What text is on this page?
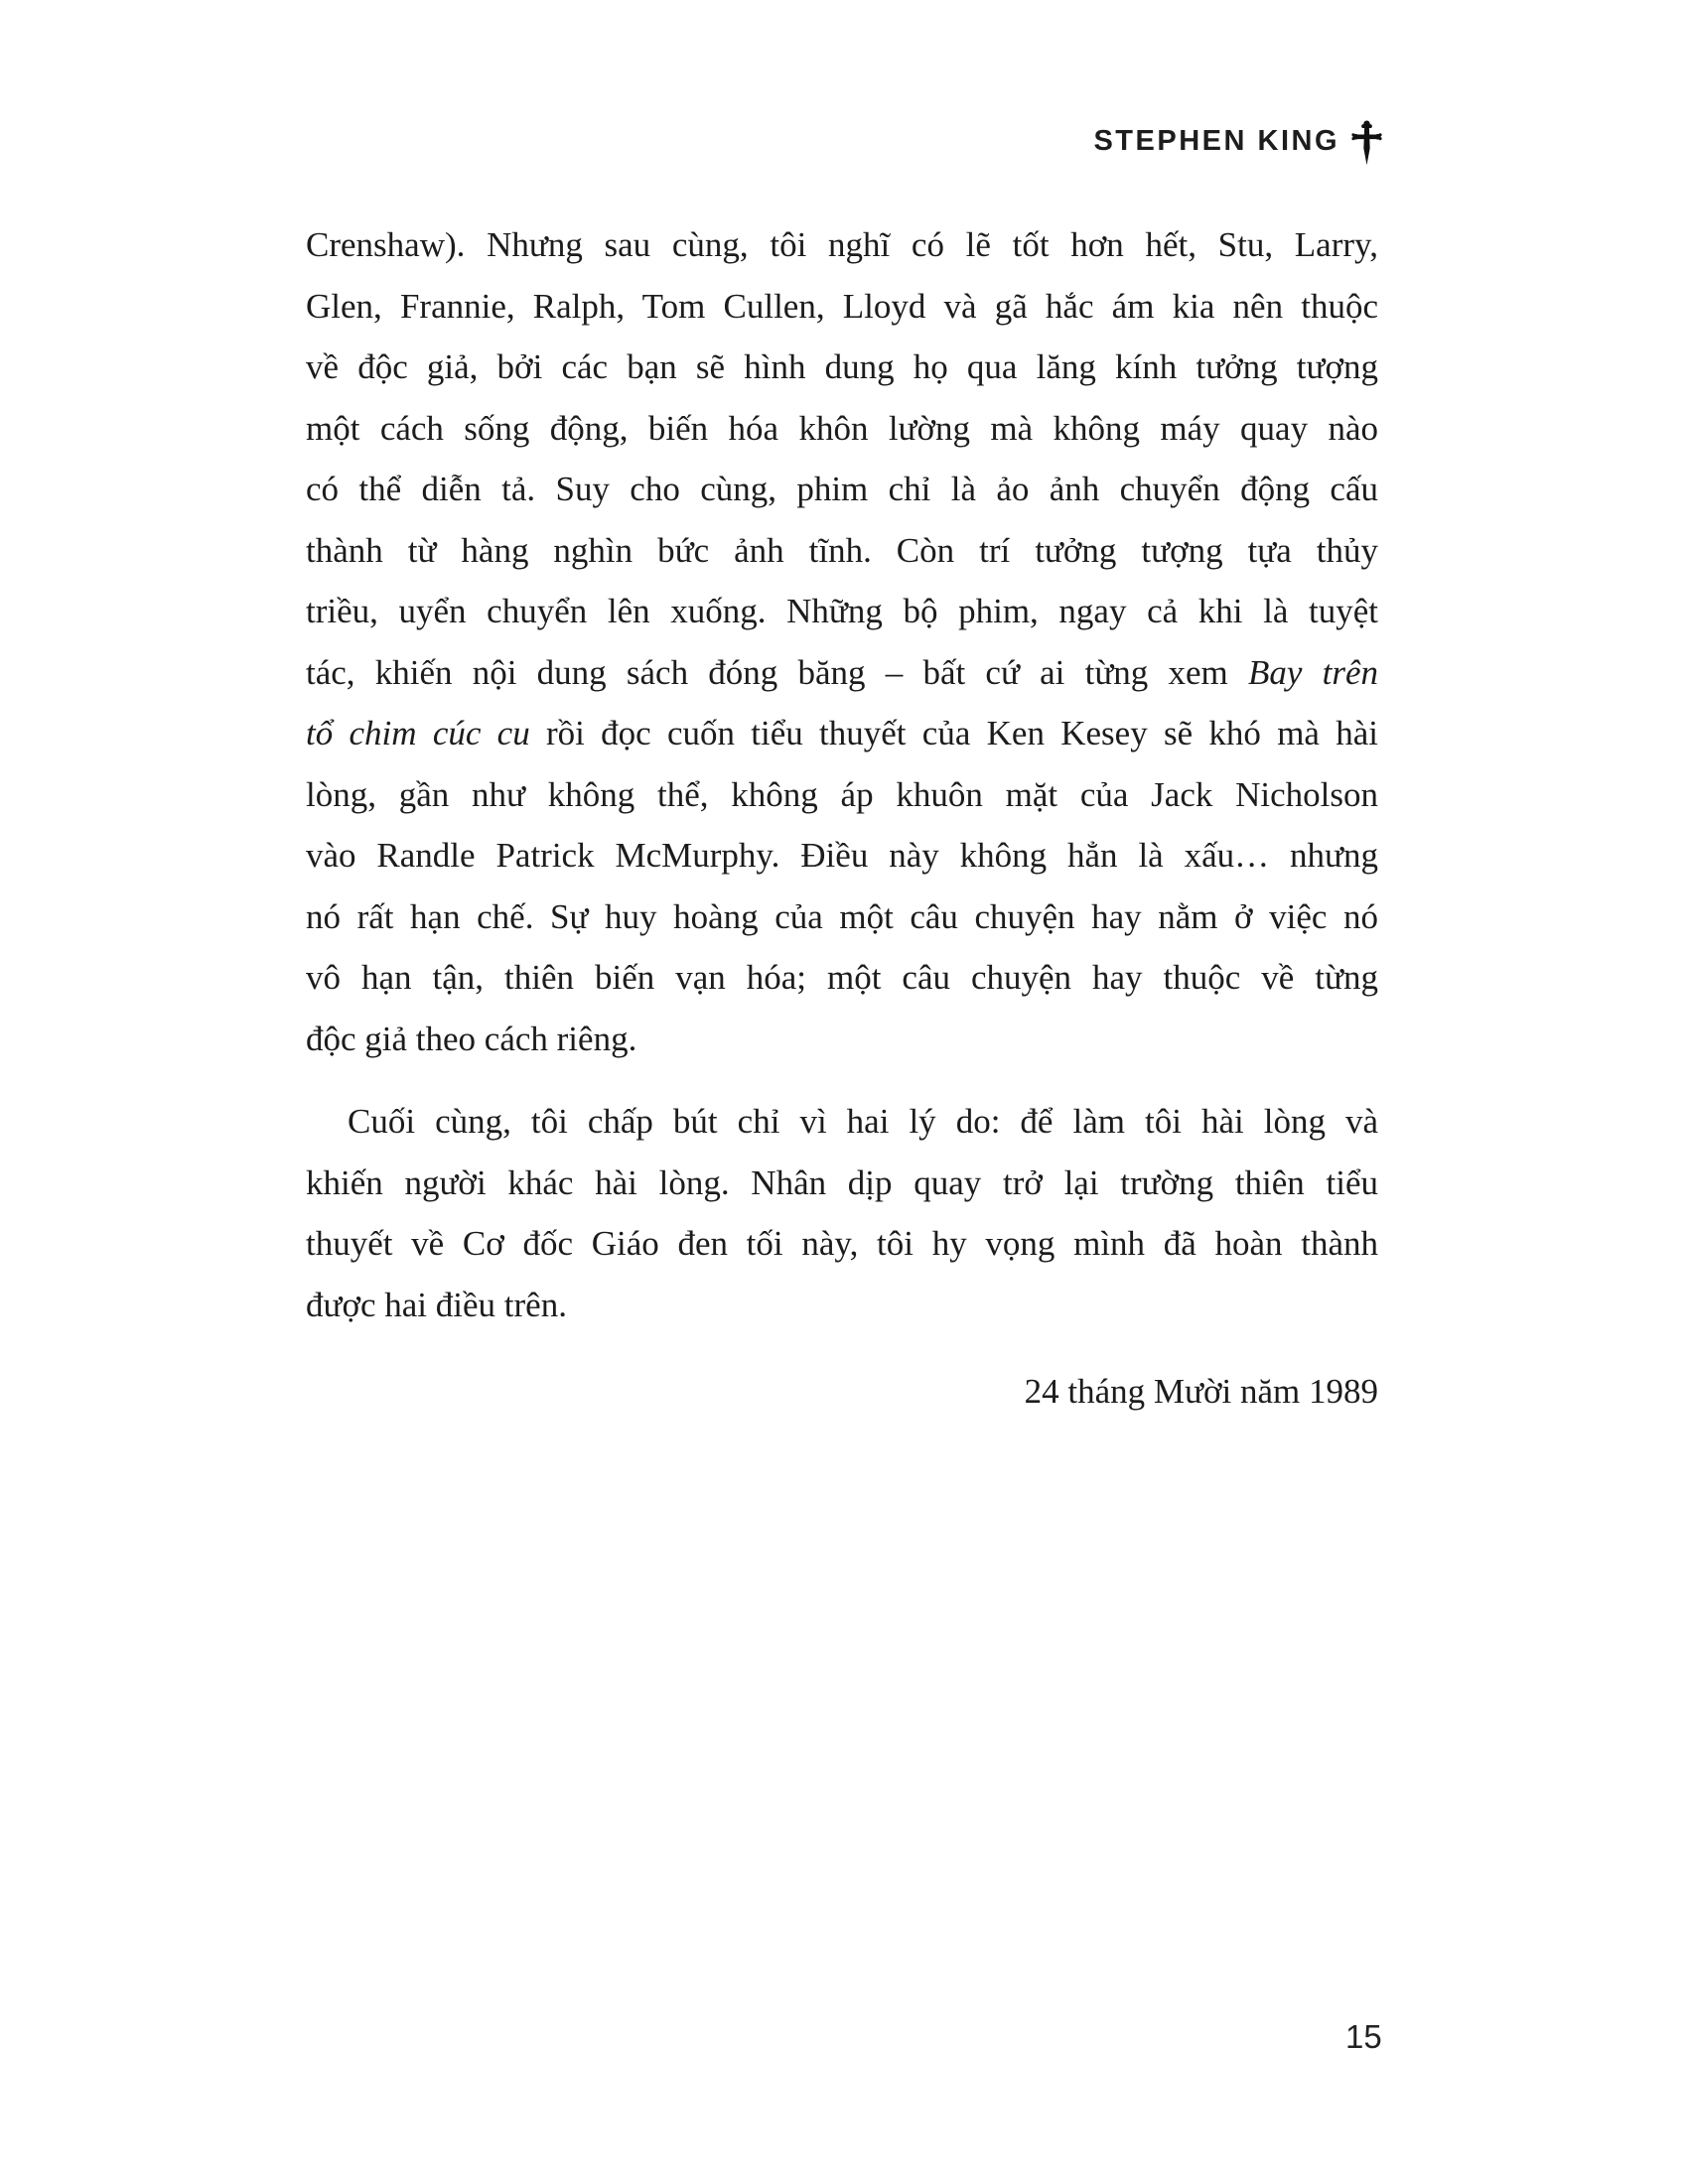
STEPHEN KING
Crenshaw). Nhưng sau cùng, tôi nghĩ có lẽ tốt hơn hết, Stu, Larry,
Glen, Frannie, Ralph, Tom Cullen, Lloyd và gã hắc ám kia nên thuộc
về độc giả, bởi các bạn sẽ hình dung họ qua lăng kính tưởng tượng
một cách sống động, biến hóa khôn lường mà không máy quay nào
có thể diễn tả. Suy cho cùng, phim chỉ là ảo ảnh chuyển động cấu
thành từ hàng nghìn bức ảnh tĩnh. Còn trí tưởng tượng tựa thủy
triều, uyển chuyển lên xuống. Những bộ phim, ngay cả khi là tuyệt
tác, khiến nội dung sách đóng băng – bất cứ ai từng xem Bay trên
tổ chim cúc cu rồi đọc cuốn tiểu thuyết của Ken Kesey sẽ khó mà hài
lòng, gần như không thể, không áp khuôn mặt của Jack Nicholson
vào Randle Patrick McMurphy. Điều này không hẳn là xấu… nhưng
nó rất hạn chế. Sự huy hoàng của một câu chuyện hay nằm ở việc nó
vô hạn tận, thiên biến vạn hóa; một câu chuyện hay thuộc về từng
độc giả theo cách riêng.
Cuối cùng, tôi chấp bút chỉ vì hai lý do: để làm tôi hài lòng và
khiến người khác hài lòng. Nhân dịp quay trở lại trường thiên tiểu
thuyết về Cơ đốc Giáo đen tối này, tôi hy vọng mình đã hoàn thành
được hai điều trên.
24 tháng Mười năm 1989
15
